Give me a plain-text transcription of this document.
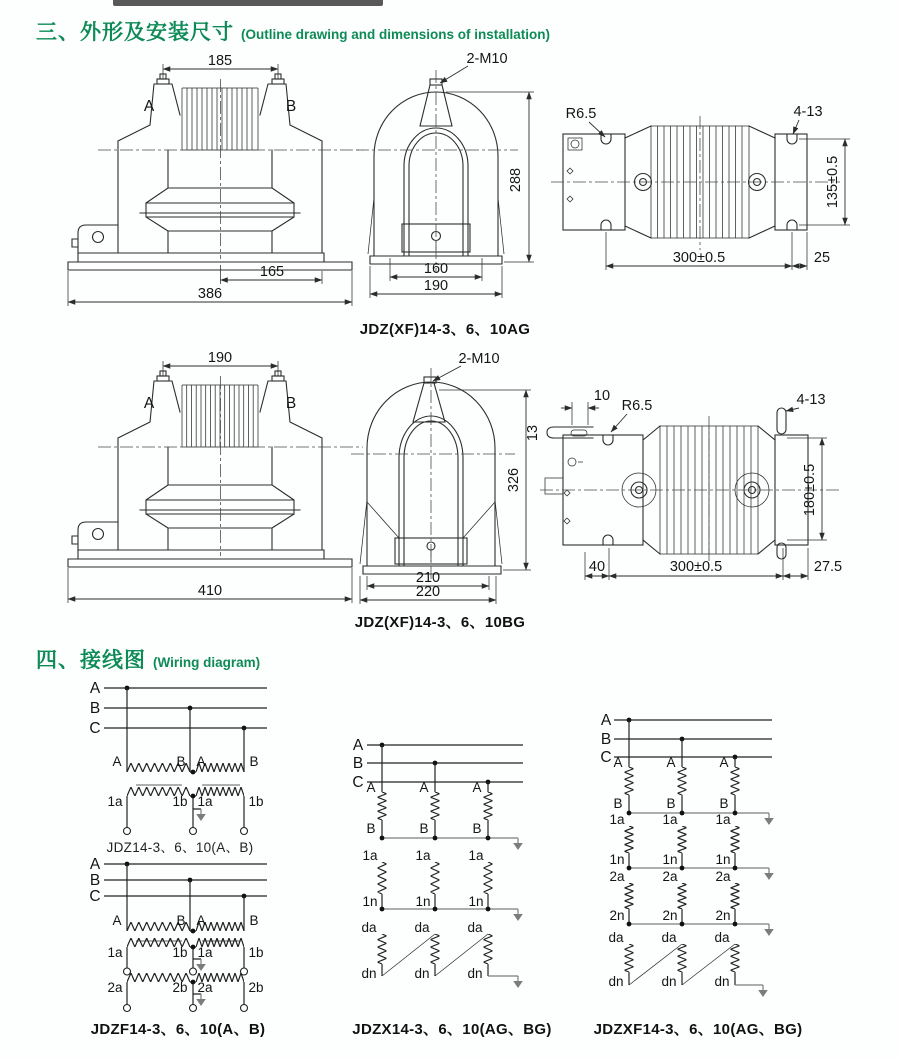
三、外形及安装尺寸 (Outline drawing and dimensions of installation)
四、接线图 (Wiring diagram)
185
A	B
165
386
2-M10
288
160
190
R6.5	4-13
135±0.5
300±0.5	25
190
A	B
410
2-M10
326
210
220
13
10
R6.5	4-13
180±0.5
40	300±0.5	27.5
A
B
C
A	B A	B
1a	1b 1a	1b
A
B
C
A	B A	B
1a	1b 1a	1b
2a	2b 2a	2b
A
B
C A	A	A
B	B	B
1a	1a	1a
1n	1n	1n
da	da	da
dn	dn	dn
A
B
C A	A	A
B	B	B
1a	1a	1a
1n	1n	1n
2a	2a	2a
2n	2n	2n
da	da	da
dn	dn	dn
JDZ(XF)14-3、6、10AG
JDZ(XF)14-3、6、10BG
JDZ14-3、6、10(A、B)
JDZF14-3、6、10(A、B)	JDZX14-3、6、10(AG、BG)	JDZXF14-3、6、10(AG、BG)
